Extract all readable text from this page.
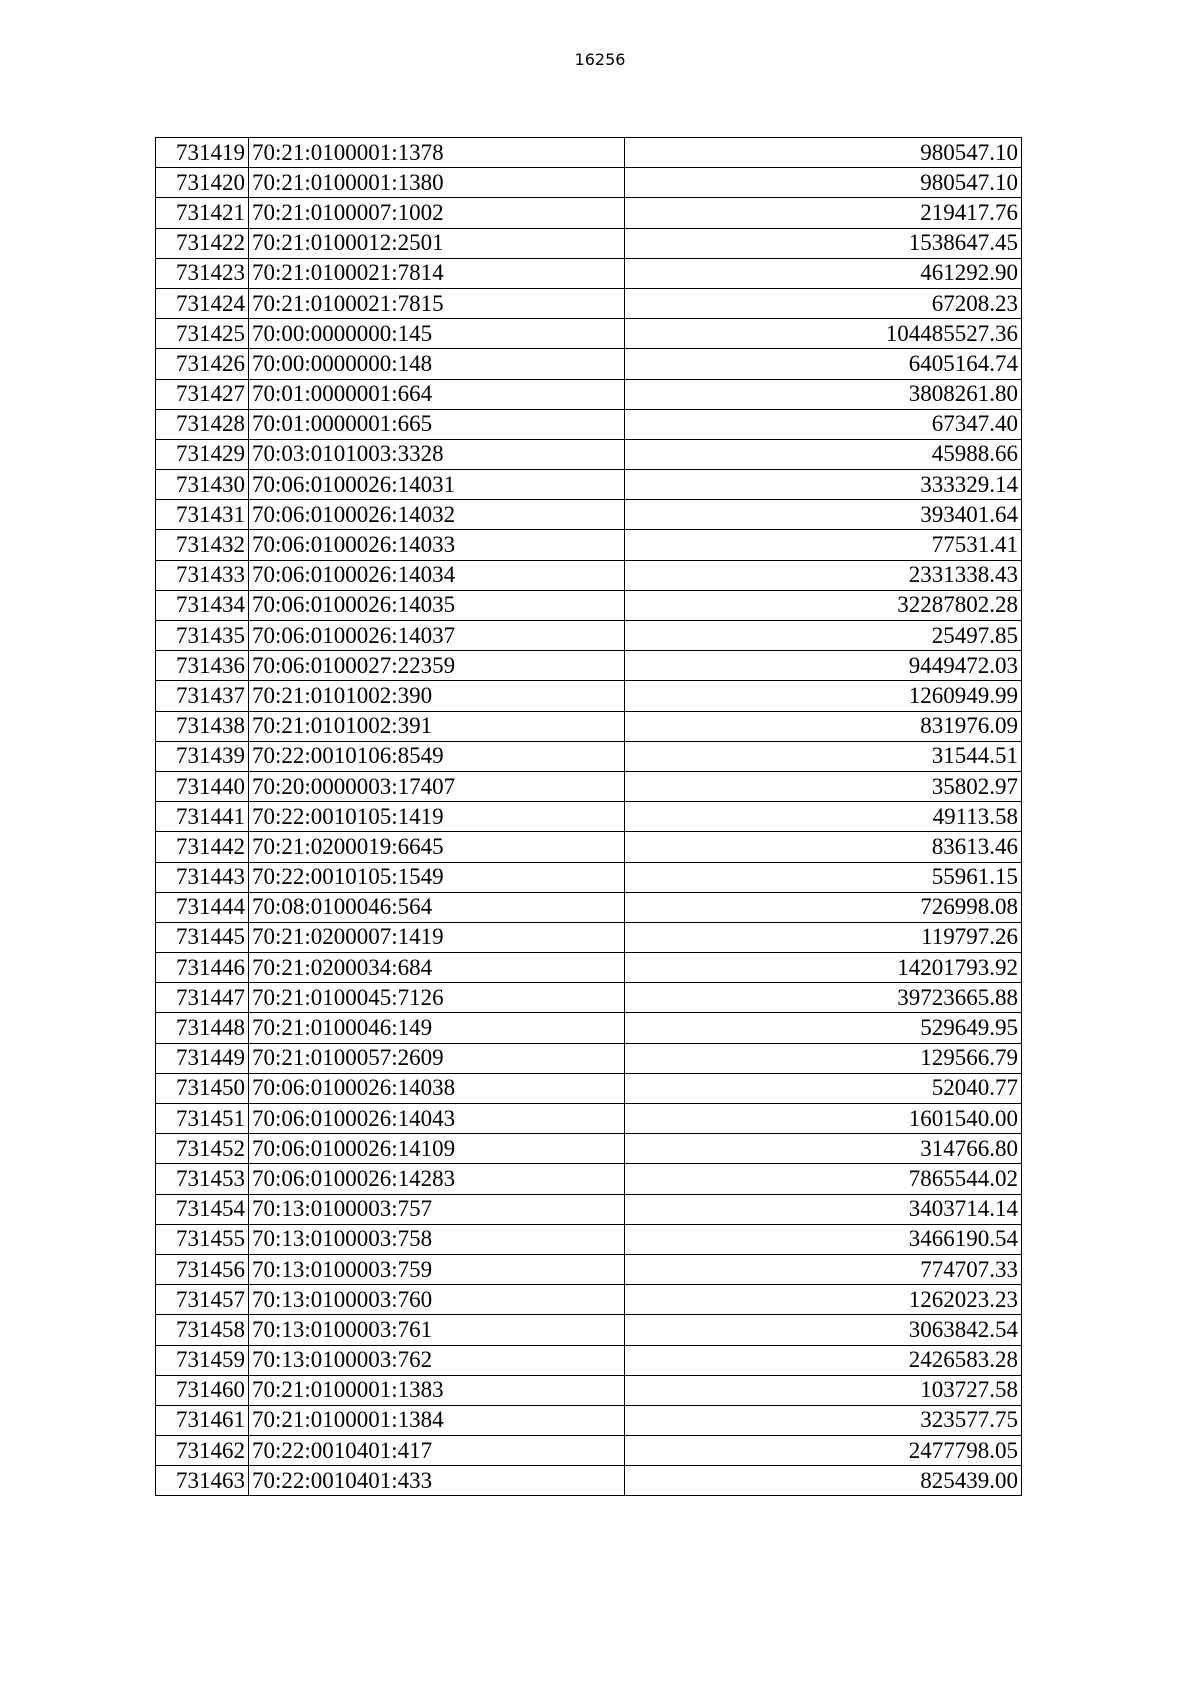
16256
731419	70:21:0100001:1378	980547.10
731420	70:21:0100001:1380	980547.10
731421	70:21:0100007:1002	219417.76
731422	70:21:0100012:2501	1538647.45
731423	70:21:0100021:7814	461292.90
731424	70:21:0100021:7815	67208.23
731425	70:00:0000000:145	104485527.36
731426	70:00:0000000:148	6405164.74
731427	70:01:0000001:664	3808261.80
731428	70:01:0000001:665	67347.40
731429	70:03:0101003:3328	45988.66
731430	70:06:0100026:14031	333329.14
731431	70:06:0100026:14032	393401.64
731432	70:06:0100026:14033	77531.41
731433	70:06:0100026:14034	2331338.43
731434	70:06:0100026:14035	32287802.28
731435	70:06:0100026:14037	25497.85
731436	70:06:0100027:22359	9449472.03
731437	70:21:0101002:390	1260949.99
731438	70:21:0101002:391	831976.09
731439	70:22:0010106:8549	31544.51
731440	70:20:0000003:17407	35802.97
731441	70:22:0010105:1419	49113.58
731442	70:21:0200019:6645	83613.46
731443	70:22:0010105:1549	55961.15
731444	70:08:0100046:564	726998.08
731445	70:21:0200007:1419	119797.26
731446	70:21:0200034:684	14201793.92
731447	70:21:0100045:7126	39723665.88
731448	70:21:0100046:149	529649.95
731449	70:21:0100057:2609	129566.79
731450	70:06:0100026:14038	52040.77
731451	70:06:0100026:14043	1601540.00
731452	70:06:0100026:14109	314766.80
731453	70:06:0100026:14283	7865544.02
731454	70:13:0100003:757	3403714.14
731455	70:13:0100003:758	3466190.54
731456	70:13:0100003:759	774707.33
731457	70:13:0100003:760	1262023.23
731458	70:13:0100003:761	3063842.54
731459	70:13:0100003:762	2426583.28
731460	70:21:0100001:1383	103727.58
731461	70:21:0100001:1384	323577.75
731462	70:22:0010401:417	2477798.05
731463	70:22:0010401:433	825439.00
